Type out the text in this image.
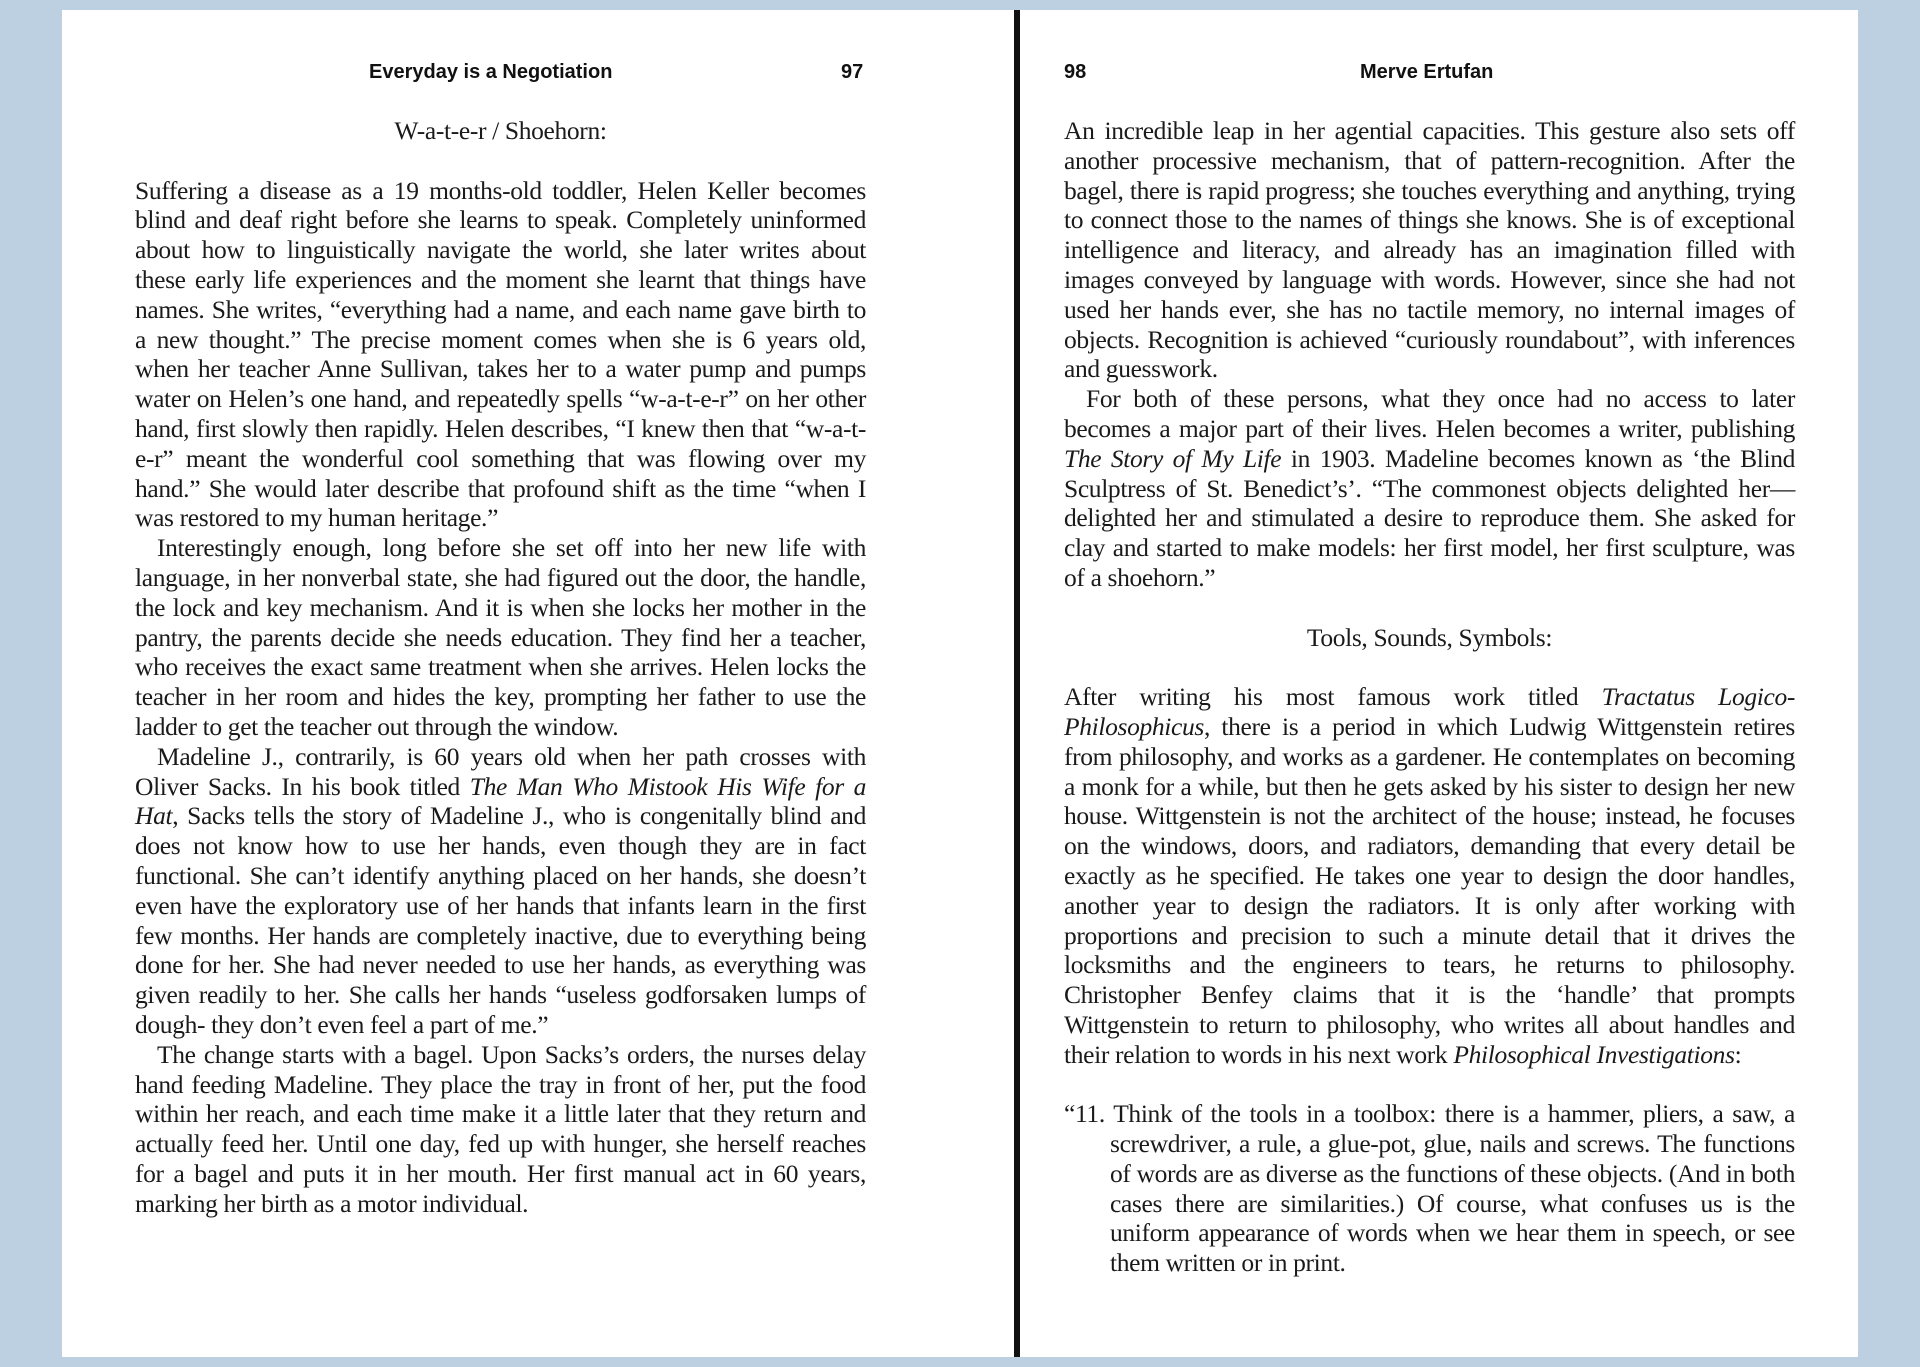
Everyday is a Negotiation	97

W-a-t-e-r / Shoehorn:

Suffering a disease as a 19 months-old toddler, Helen Keller becomes blind and deaf right before she learns to speak. Completely uninformed about how to linguistically navigate the world, she later writes about these early life experiences and the moment she learnt that things have names. She writes, “everything had a name, and each name gave birth to a new thought.” The precise moment comes when she is 6 years old, when her teacher Anne Sullivan, takes her to a water pump and pumps water on Helen’s one hand, and repeatedly spells “w-a-t-e-r” on her other hand, first slowly then rapidly. Helen describes, “I knew then that “w-a-t-e-r” meant the wonderful cool something that was flowing over my hand.” She would later describe that profound shift as the time “when I was restored to my human heritage.”

Interestingly enough, long before she set off into her new life with language, in her nonverbal state, she had figured out the door, the handle, the lock and key mechanism. And it is when she locks her mother in the pantry, the parents decide she needs education. They find her a teacher, who receives the exact same treatment when she arrives. Helen locks the teacher in her room and hides the key, prompting her father to use the ladder to get the teacher out through the window.

Madeline J., contrarily, is 60 years old when her path crosses with Oliver Sacks. In his book titled The Man Who Mistook His Wife for a Hat, Sacks tells the story of Madeline J., who is congenitally blind and does not know how to use her hands, even though they are in fact functional. She can’t identify anything placed on her hands, she doesn’t even have the exploratory use of her hands that infants learn in the first few months. Her hands are completely inactive, due to everything being done for her. She had never needed to use her hands, as everything was given readily to her. She calls her hands “useless godforsaken lumps of dough- they don’t even feel a part of me.”

The change starts with a bagel. Upon Sacks’s orders, the nurses delay hand feeding Madeline. They place the tray in front of her, put the food within her reach, and each time make it a little later that they return and actually feed her. Until one day, fed up with hunger, she herself reaches for a bagel and puts it in her mouth. Her first manual act in 60 years, marking her birth as a motor individual.

98	Merve Ertufan

An incredible leap in her agential capacities. This gesture also sets off another processive mechanism, that of pattern-recognition. After the bagel, there is rapid progress; she touches everything and anything, trying to connect those to the names of things she knows. She is of exceptional intelligence and literacy, and already has an imagination filled with images conveyed by language with words. However, since she had not used her hands ever, she has no tactile memory, no internal images of objects. Recognition is achieved “curiously roundabout”, with inferences and guesswork.

For both of these persons, what they once had no access to later becomes a major part of their lives. Helen becomes a writer, publishing The Story of My Life in 1903. Madeline becomes known as ‘the Blind Sculptress of St. Benedict’s’. “The commonest objects delighted her—delighted her and stimulated a desire to reproduce them. She asked for clay and started to make models: her first model, her first sculpture, was of a shoehorn.”

Tools, Sounds, Symbols:

After writing his most famous work titled Tractatus Logico-Philosophicus, there is a period in which Ludwig Wittgenstein retires from philosophy, and works as a gardener. He contemplates on becoming a monk for a while, but then he gets asked by his sister to design her new house. Wittgenstein is not the architect of the house; instead, he focuses on the windows, doors, and radiators, demanding that every detail be exactly as he specified. He takes one year to design the door handles, another year to design the radiators. It is only after working with proportions and precision to such a minute detail that it drives the locksmiths and the engineers to tears, he returns to philosophy. Christopher Benfey claims that it is the ‘handle’ that prompts Wittgenstein to return to philosophy, who writes all about handles and their relation to words in his next work Philosophical Investigations:

“11. Think of the tools in a toolbox: there is a hammer, pliers, a saw, a screwdriver, a rule, a glue-pot, glue, nails and screws. The functions of words are as diverse as the functions of these objects. (And in both cases there are similarities.) Of course, what confuses us is the uniform appearance of words when we hear them in speech, or see them written or in print.
